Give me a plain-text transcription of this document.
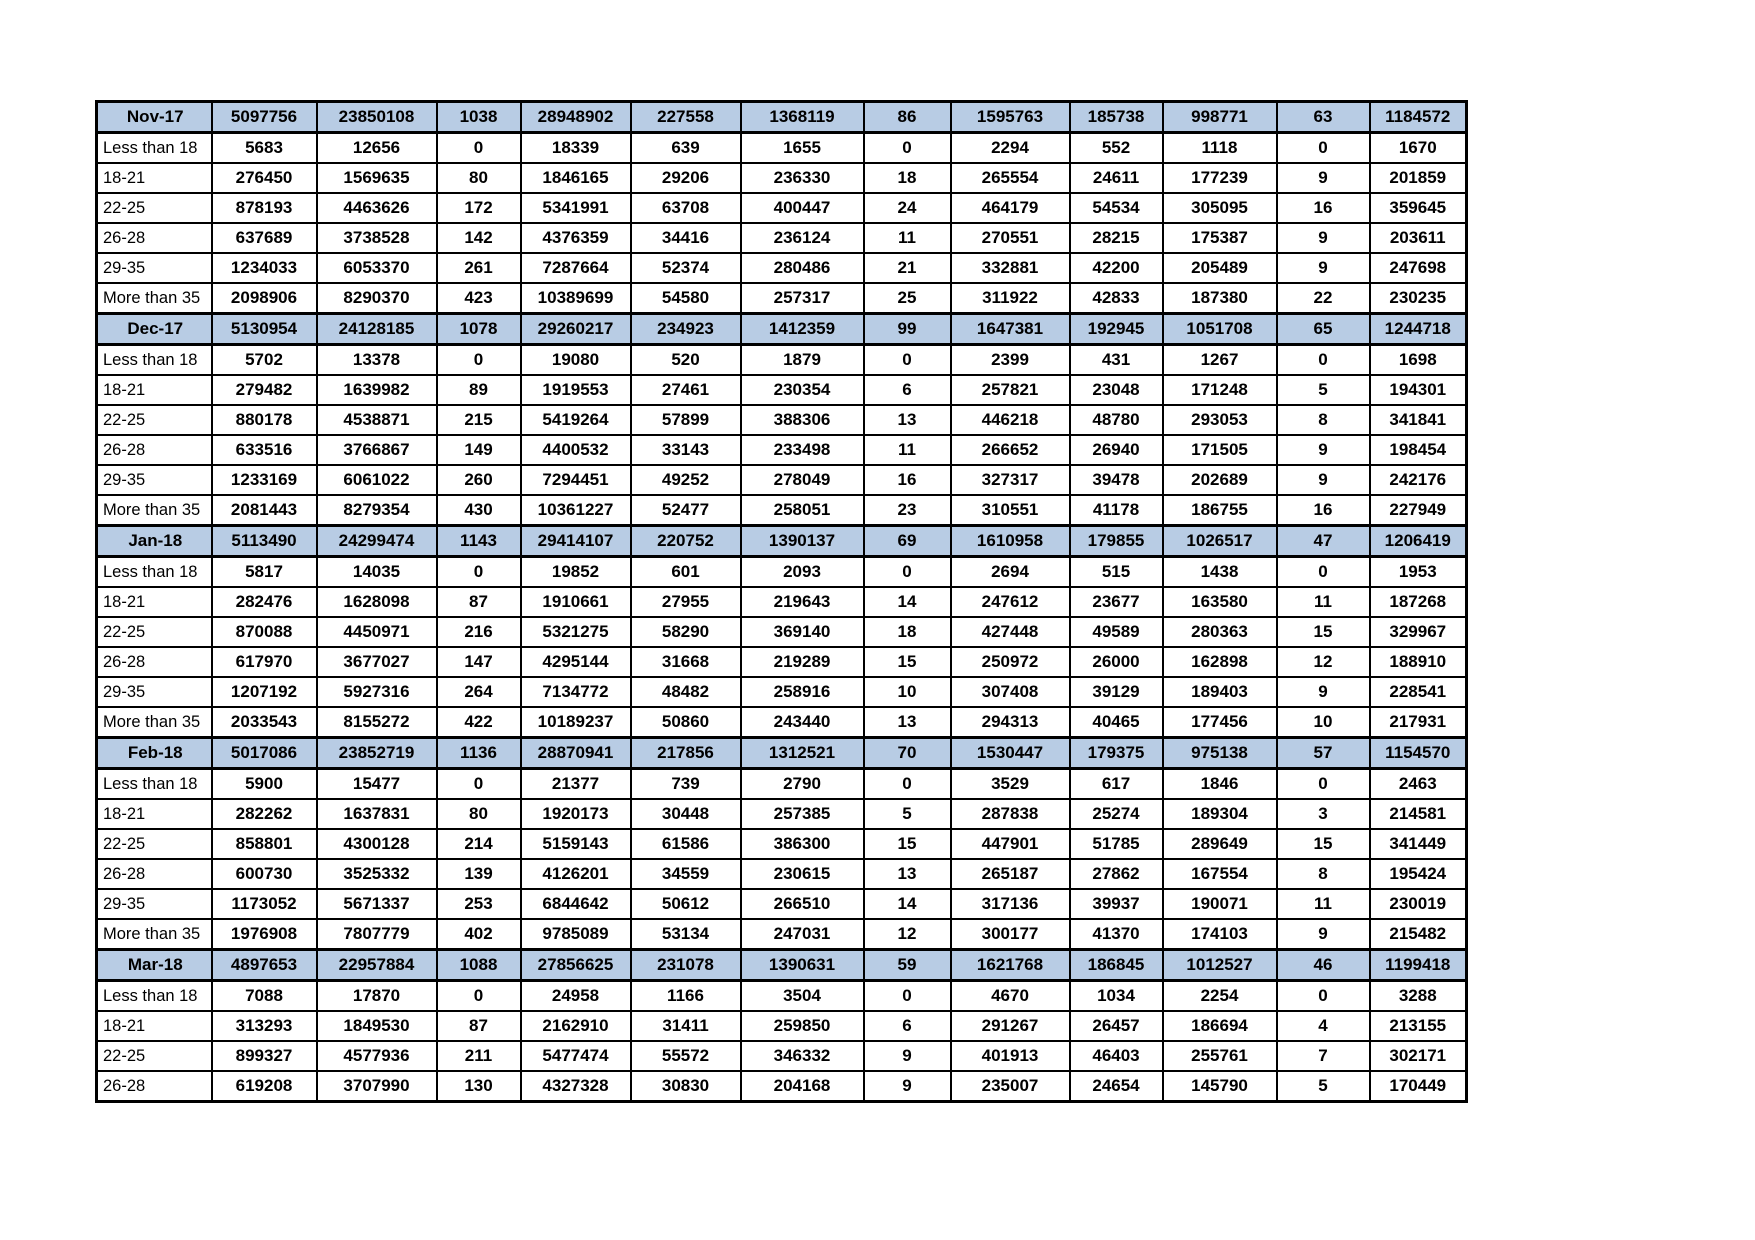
Nov-17	5097756	23850108	1038	28948902	227558	1368119	86	1595763	185738	998771	63	1184572
Less than 18	5683	12656	0	18339	639	1655	0	2294	552	1118	0	1670
18-21	276450	1569635	80	1846165	29206	236330	18	265554	24611	177239	9	201859
22-25	878193	4463626	172	5341991	63708	400447	24	464179	54534	305095	16	359645
26-28	637689	3738528	142	4376359	34416	236124	11	270551	28215	175387	9	203611
29-35	1234033	6053370	261	7287664	52374	280486	21	332881	42200	205489	9	247698
More than 35	2098906	8290370	423	10389699	54580	257317	25	311922	42833	187380	22	230235
Dec-17	5130954	24128185	1078	29260217	234923	1412359	99	1647381	192945	1051708	65	1244718
Less than 18	5702	13378	0	19080	520	1879	0	2399	431	1267	0	1698
18-21	279482	1639982	89	1919553	27461	230354	6	257821	23048	171248	5	194301
22-25	880178	4538871	215	5419264	57899	388306	13	446218	48780	293053	8	341841
26-28	633516	3766867	149	4400532	33143	233498	11	266652	26940	171505	9	198454
29-35	1233169	6061022	260	7294451	49252	278049	16	327317	39478	202689	9	242176
More than 35	2081443	8279354	430	10361227	52477	258051	23	310551	41178	186755	16	227949
Jan-18	5113490	24299474	1143	29414107	220752	1390137	69	1610958	179855	1026517	47	1206419
Less than 18	5817	14035	0	19852	601	2093	0	2694	515	1438	0	1953
18-21	282476	1628098	87	1910661	27955	219643	14	247612	23677	163580	11	187268
22-25	870088	4450971	216	5321275	58290	369140	18	427448	49589	280363	15	329967
26-28	617970	3677027	147	4295144	31668	219289	15	250972	26000	162898	12	188910
29-35	1207192	5927316	264	7134772	48482	258916	10	307408	39129	189403	9	228541
More than 35	2033543	8155272	422	10189237	50860	243440	13	294313	40465	177456	10	217931
Feb-18	5017086	23852719	1136	28870941	217856	1312521	70	1530447	179375	975138	57	1154570
Less than 18	5900	15477	0	21377	739	2790	0	3529	617	1846	0	2463
18-21	282262	1637831	80	1920173	30448	257385	5	287838	25274	189304	3	214581
22-25	858801	4300128	214	5159143	61586	386300	15	447901	51785	289649	15	341449
26-28	600730	3525332	139	4126201	34559	230615	13	265187	27862	167554	8	195424
29-35	1173052	5671337	253	6844642	50612	266510	14	317136	39937	190071	11	230019
More than 35	1976908	7807779	402	9785089	53134	247031	12	300177	41370	174103	9	215482
Mar-18	4897653	22957884	1088	27856625	231078	1390631	59	1621768	186845	1012527	46	1199418
Less than 18	7088	17870	0	24958	1166	3504	0	4670	1034	2254	0	3288
18-21	313293	1849530	87	2162910	31411	259850	6	291267	26457	186694	4	213155
22-25	899327	4577936	211	5477474	55572	346332	9	401913	46403	255761	7	302171
26-28	619208	3707990	130	4327328	30830	204168	9	235007	24654	145790	5	170449
